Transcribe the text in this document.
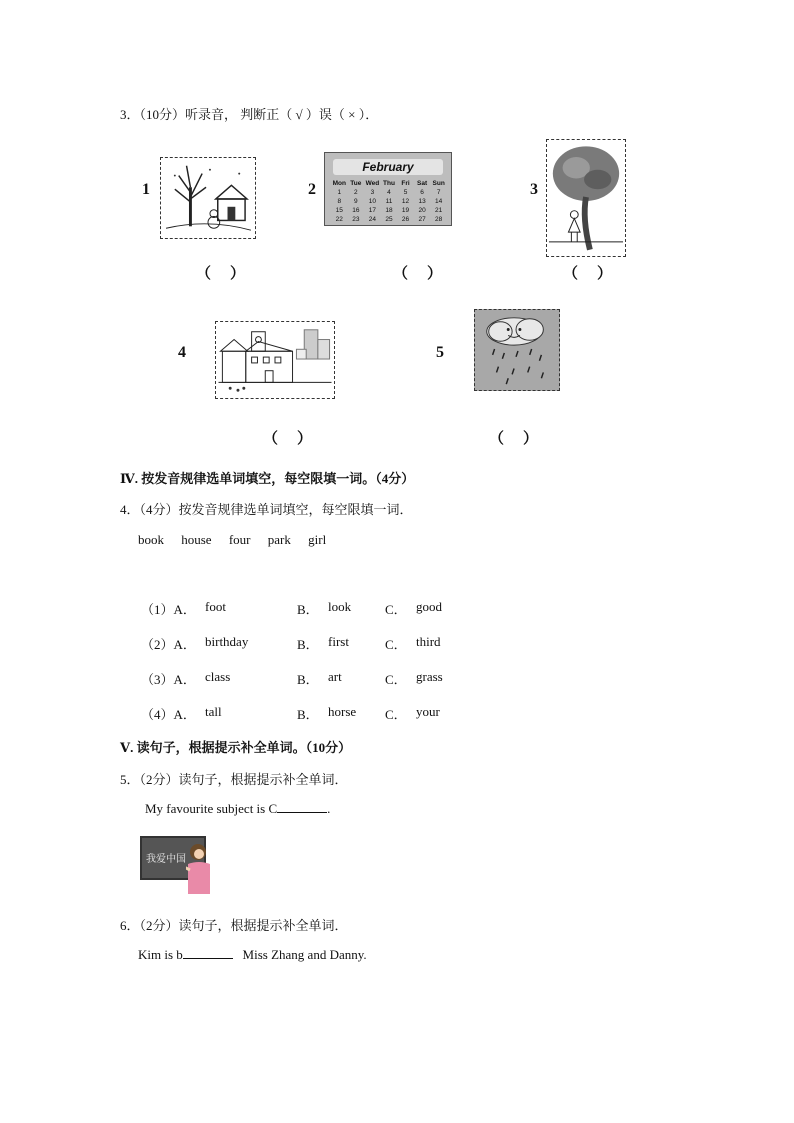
3．（10分）听录音， 判断正（ √ ）误（ × ）．
1	2	3
February
Mon Tue Wed Thu Fri	Sat Sun
1	2	3	4	5	6	7
8	9	10	11	12	13	14
15	16	17	18	19	20	21
22	23	24	25	26	27	28
（　）	（　）	（　）
4	5
（　）	（　）
Ⅳ. 按发音规律选单词填空，每空限填一词。（4分）
4．（4分）按发音规律选单词填空，每空限填一词．
book house four park girl
（1）A． foot	B． look	C． good
（2）A． birthday	B． first	C． third
（3）A． class	B． art	C． grass
（4）A． tall	B． horse C． your
Ⅴ. 读句子，根据提示补全单词。（10分）
5．（2分）读句子，根据提示补全单词．
My favourite subject is C	.
我爱中国
6．（2分）读句子，根据提示补全单词．
Kim is b	Miss Zhang and Danny.
